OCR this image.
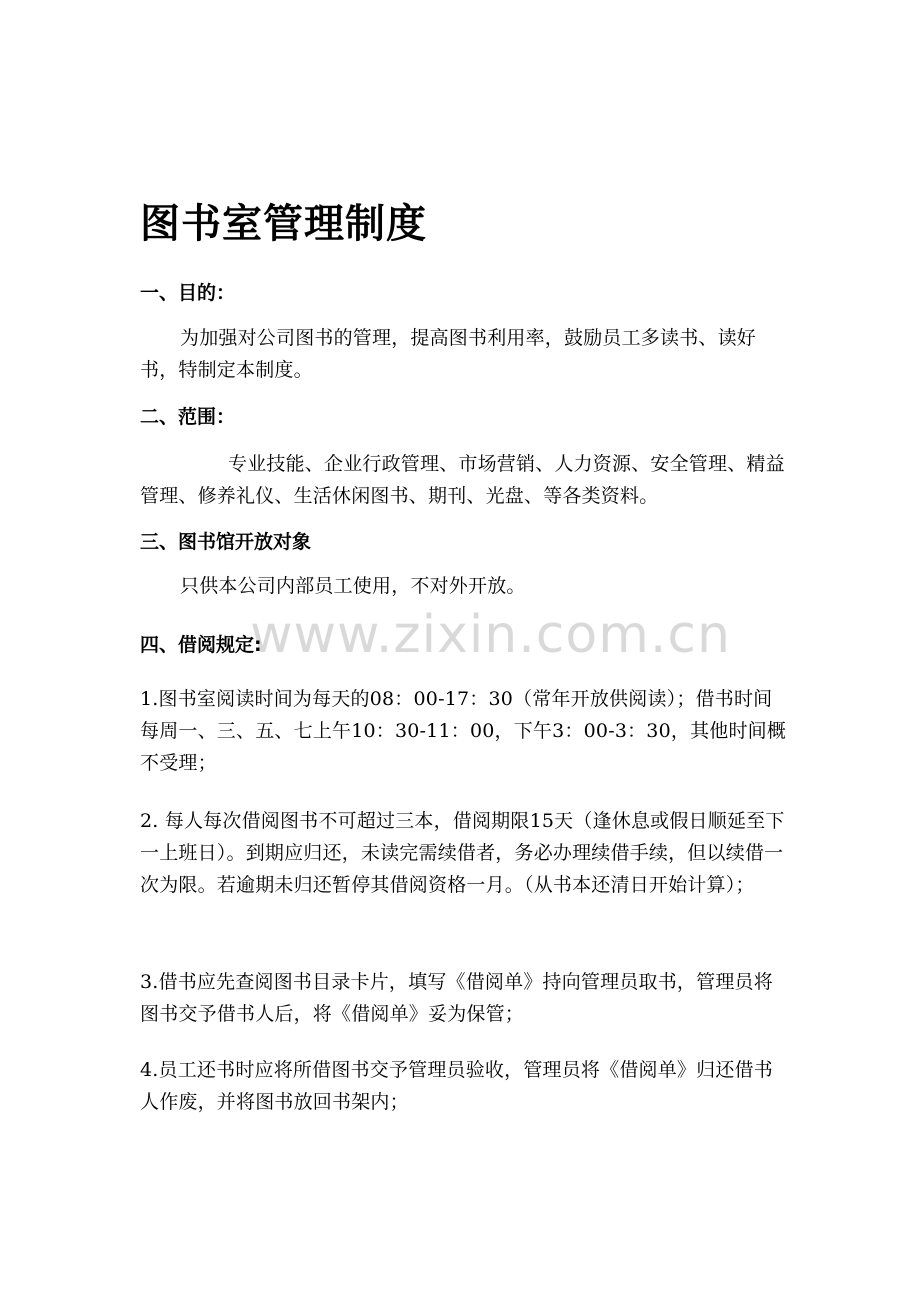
www.zixin.com.cn
图书室管理制度
一、目的：

为加强对公司图书的管理，提高图书利用率，鼓励员工多读书、读好书，特制定本制度。

二、范围：

专业技能、企业行政管理、市场营销、人力资源、安全管理、精益管理、修养礼仪、生活休闲图书、期刊、光盘、等各类资料。

三、图书馆开放对象

只供本公司内部员工使用，不对外开放。

四、借阅规定:

1.图书室阅读时间为每天的08：00-17：30（常年开放供阅读）；借书时间每周一、三、五、七上午10：30-11：00，下午3：00-3：30，其他时间概不受理；

2. 每人每次借阅图书不可超过三本，借阅期限15天（逢休息或假日顺延至下一上班日）。到期应归还，未读完需续借者，务必办理续借手续，但以续借一次为限。若逾期未归还暂停其借阅资格一月。（从书本还清日开始计算）；

3.借书应先查阅图书目录卡片，填写《借阅单》持向管理员取书，管理员将图书交予借书人后，将《借阅单》妥为保管；

4.员工还书时应将所借图书交予管理员验收，管理员将《借阅单》归还借书人作废，并将图书放回书架内；
